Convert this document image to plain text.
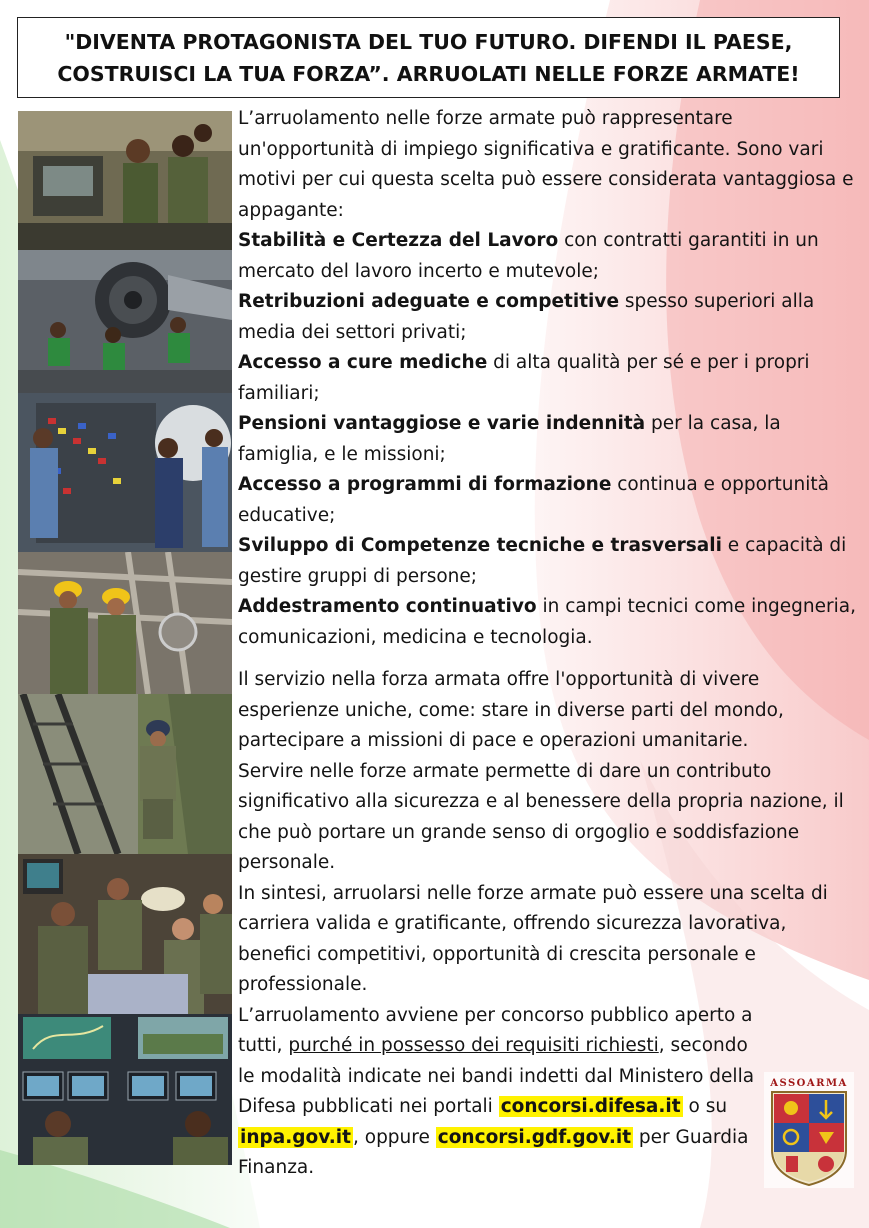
"DIVENTA PROTAGONISTA DEL TUO FUTURO. DIFENDI IL PAESE,
COSTRUISCI LA TUA FORZA”. ARRUOLATI NELLE FORZE ARMATE!

L’arruolamento nelle forze armate può rappresentare un'opportunità di impiego significativa e gratificante. Sono vari motivi per cui questa scelta può essere considerata vantaggiosa e appagante:

Stabilità e Certezza del Lavoro con contratti garantiti in un mercato del lavoro incerto e mutevole;

Retribuzioni adeguate e competitive spesso superiori alla media dei settori privati;

Accesso a cure mediche di alta qualità per sé e per i propri familiari;

Pensioni vantaggiose e varie indennità per la casa, la famiglia, e le missioni;

Accesso a programmi di formazione continua e opportunità educative;

Sviluppo di Competenze tecniche e trasversali e capacità di gestire gruppi di persone;

Addestramento continuativo in campi tecnici come ingegneria, comunicazioni, medicina e tecnologia.

Il servizio nella forza armata offre l'opportunità di vivere esperienze uniche, come: stare in diverse parti del mondo, partecipare a missioni di pace e operazioni umanitarie.

Servire nelle forze armate permette di dare un contributo significativo alla sicurezza e al benessere della propria nazione, il che può portare un grande senso di orgoglio e soddisfazione personale.

In sintesi, arruolarsi nelle forze armate può essere una scelta di carriera valida e gratificante, offrendo sicurezza lavorativa, benefici competitivi, opportunità di crescita personale e professionale.

L’arruolamento avviene per concorso pubblico aperto a tutti, purché in possesso dei requisiti richiesti, secondo le modalità indicate nei bandi indetti dal Ministero della Difesa pubblicati nei portali concorsi.difesa.it o su inpa.gov.it , oppure concorsi.gdf.gov.it per Guardia Finanza.

ASSOARMA
